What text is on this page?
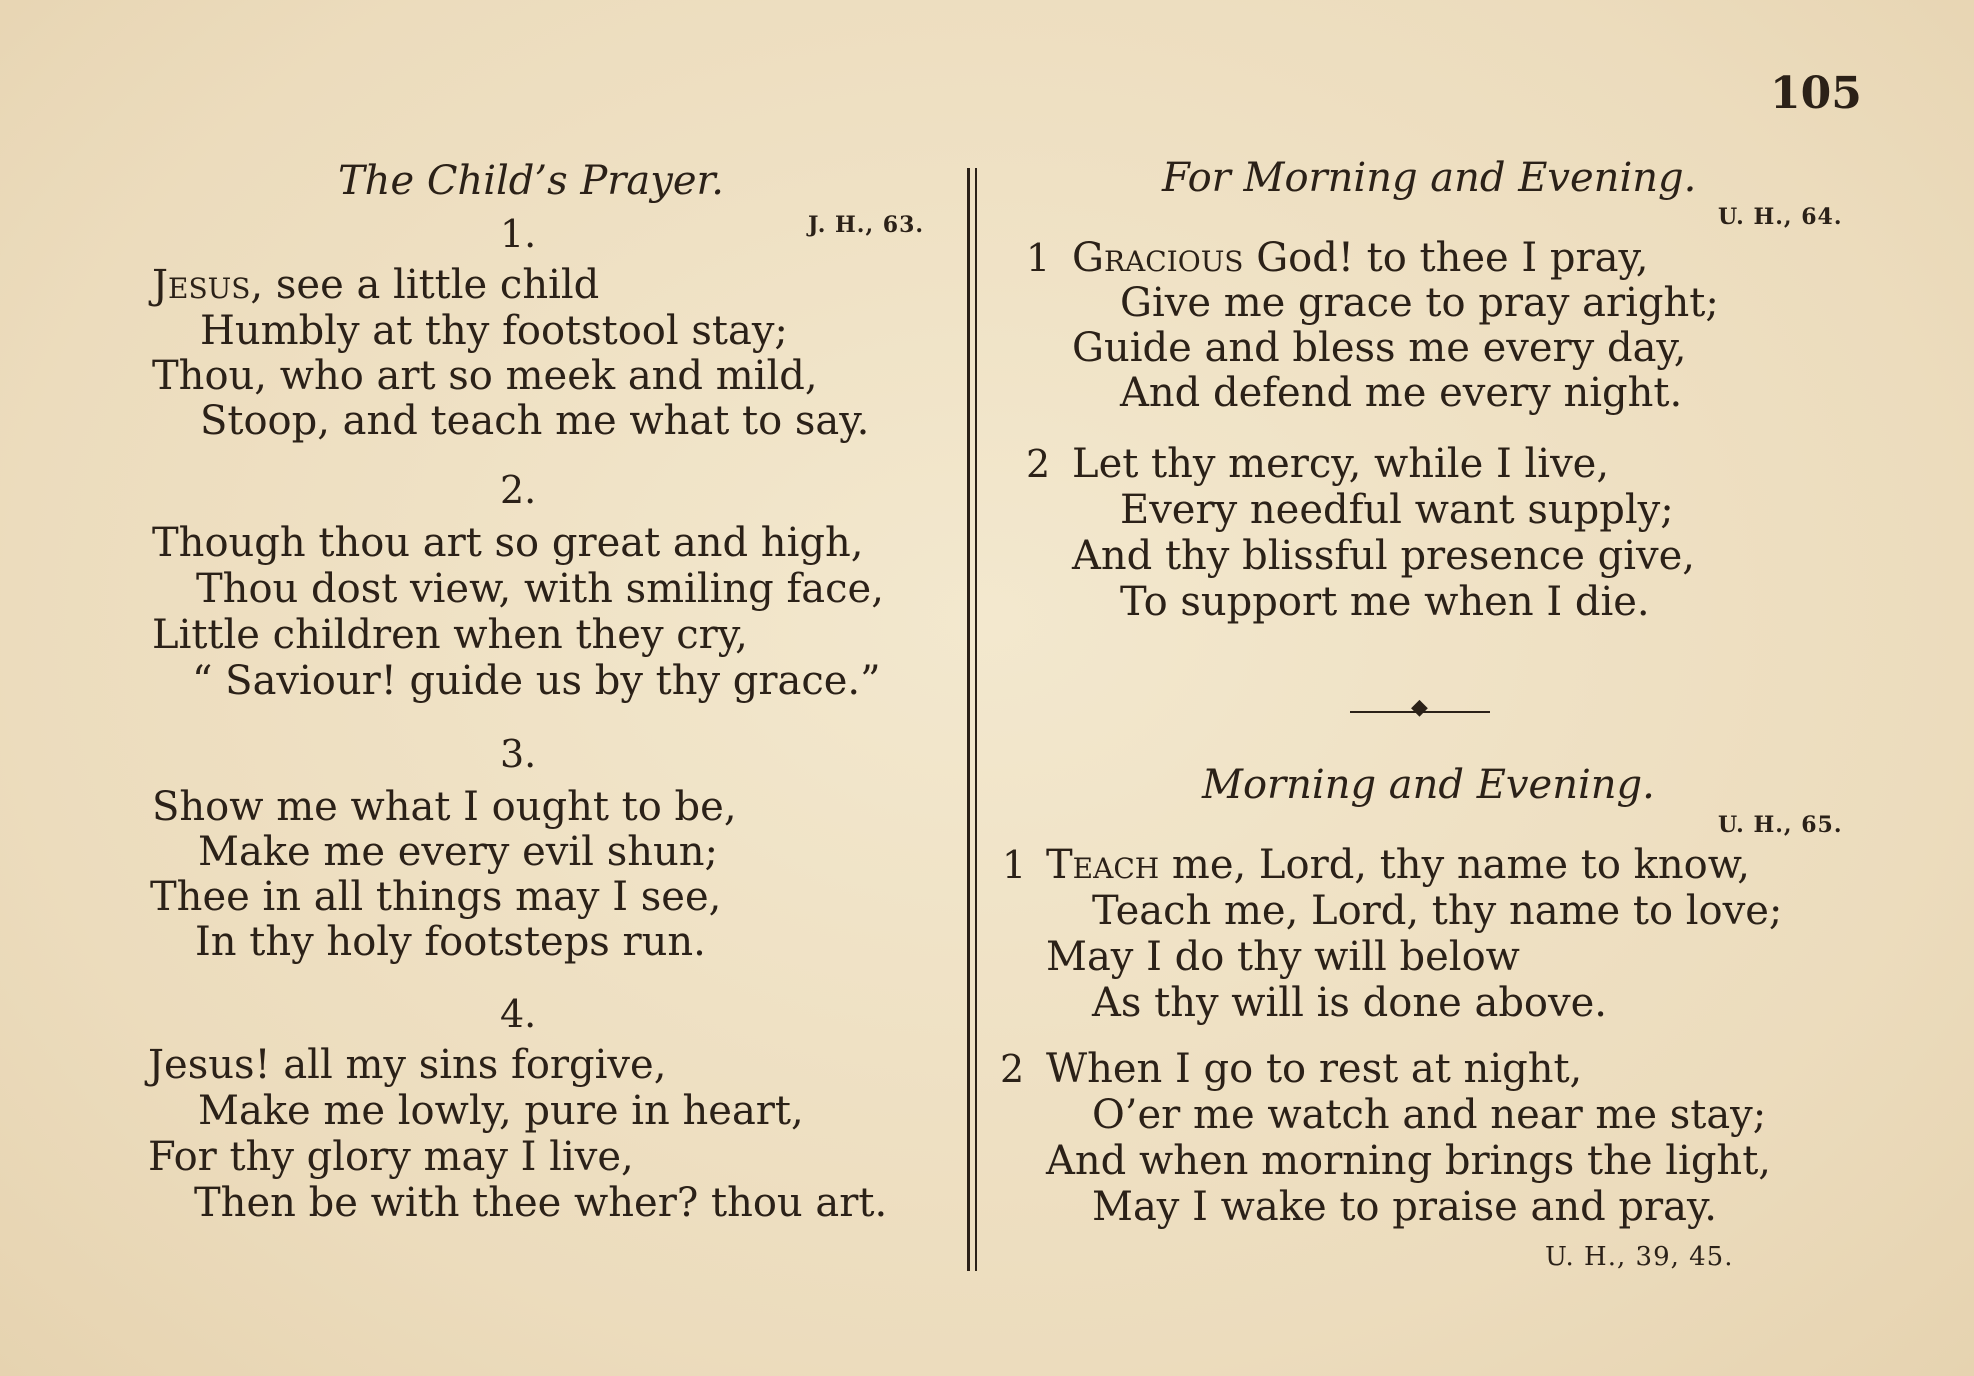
105
The Child’s Prayer.
J. H., 63.
1.
Jesus, see a little child
Humbly at thy footstool stay;
Thou, who art so meek and mild,
Stoop, and teach me what to say.
2.
Though thou art so great and high,
Thou dost view, with smiling face,
Little children when they cry,
“ Saviour! guide us by thy grace.”
3.
Show me what I ought to be,
Make me every evil shun;
Thee in all things may I see,
In thy holy footsteps run.
4.
Jesus! all my sins forgive,
Make me lowly, pure in heart,
For thy glory may I live,
Then be with thee wher? thou art.
For Morning and Evening.
U. H., 64.
1 Gracious God! to thee I pray,
Give me grace to pray aright;
Guide and bless me every day,
And defend me every night.
2 Let thy mercy, while I live,
Every needful want supply;
And thy blissful presence give,
To support me when I die.
◆
Morning and Evening.
U. H., 65.
1 Teach me, Lord, thy name to know,
Teach me, Lord, thy name to love;
May I do thy will below
As thy will is done above.
2 When I go to rest at night,
O’er me watch and near me stay;
And when morning brings the light,
May I wake to praise and pray.
U. H., 39, 45.
